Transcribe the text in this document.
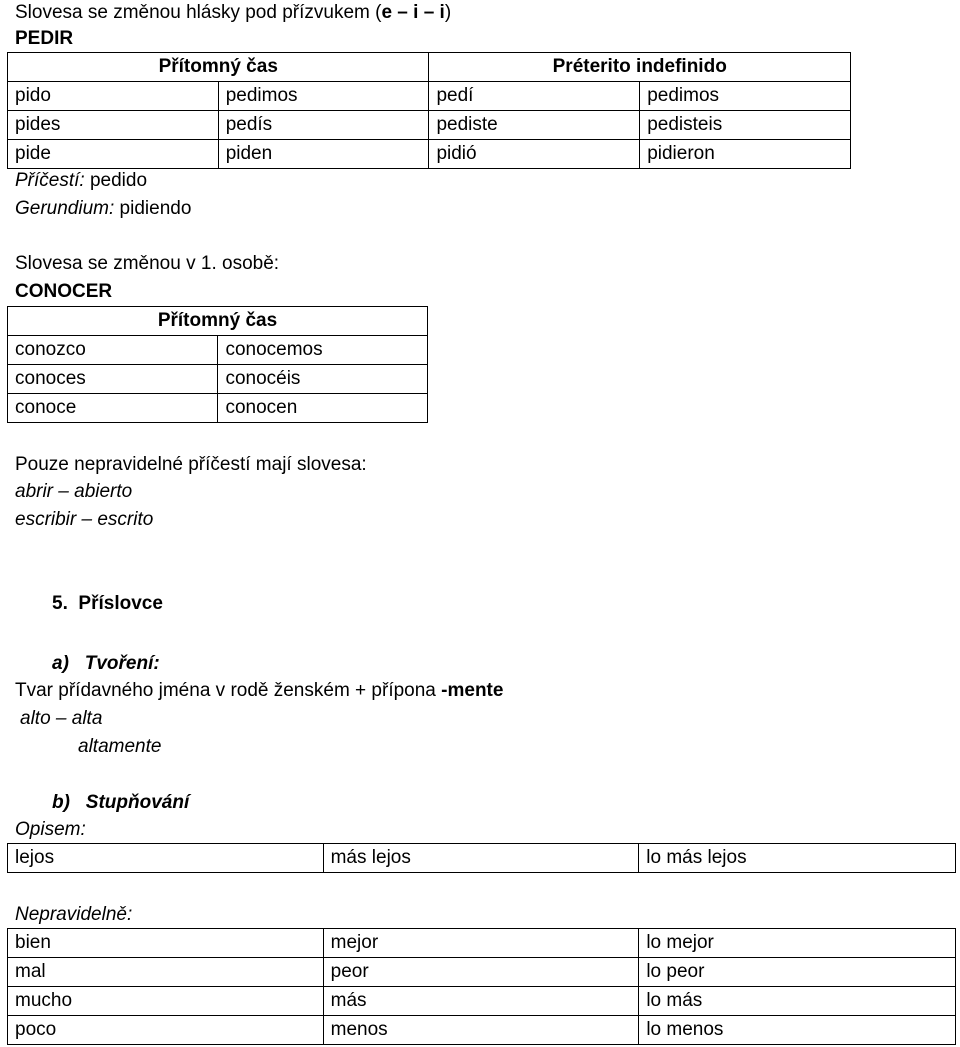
Slovesa se změnou hlásky pod přízvukem (e – i – i)
PEDIR
Přítomný čas		Préterito indefinido	
pido	pedimos	pedí	pedimos
pides	pedís	pediste	pedisteis
pide	piden	pidió	pidieron
Příčestí: pedido
Gerundium: pidiendo
Slovesa se změnou v 1. osobě:
CONOCER
Přítomný čas	
conozco	conocemos
conoces	conocéis
conoce	conocen
Pouze nepravidelné příčestí mají slovesa:
abrir – abierto
escribir – escrito
5. Příslovce
a) Tvoření:
Tvar přídavného jména v rodě ženském + přípona -mente
alto – alta
altamente
b) Stupňování
Opisem:
lejos	más lejos	lo más lejos
Nepravidelně:
bien	mejor	lo mejor
mal	peor	lo peor
mucho	más	lo más
poco	menos	lo menos
